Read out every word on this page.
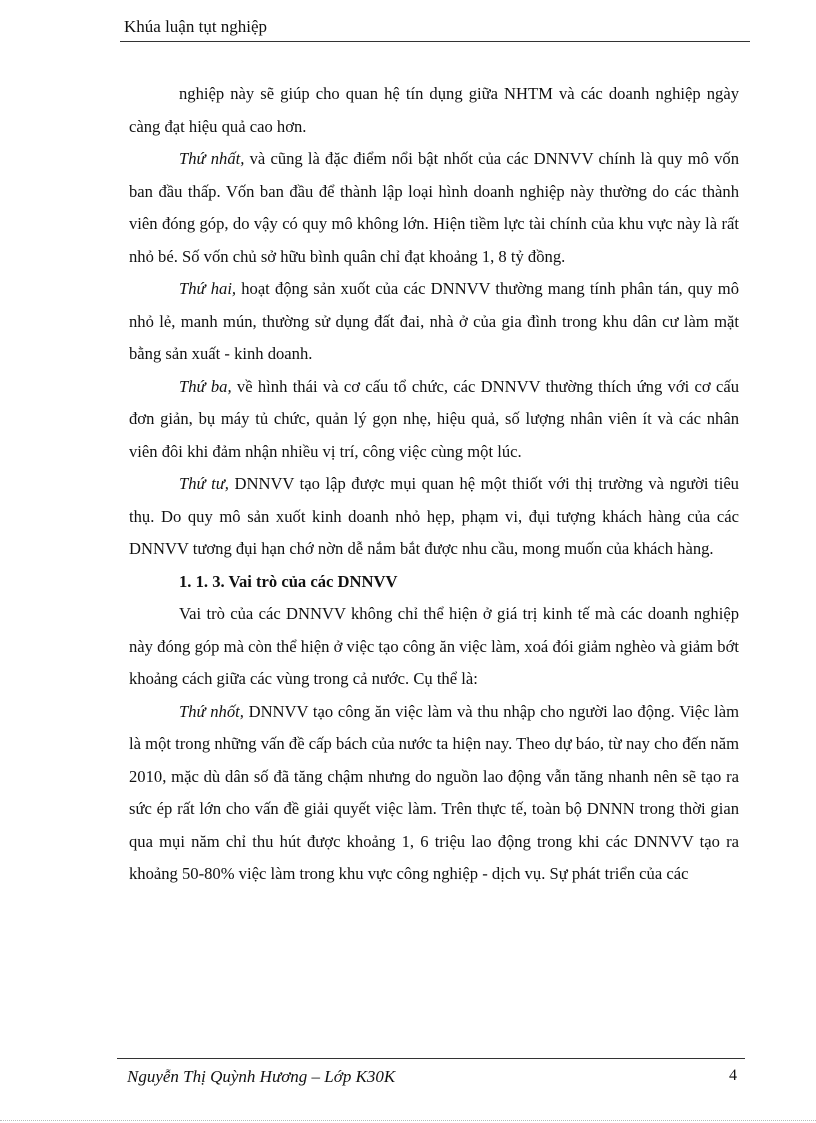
Khúa luận tụt nghiệp

nghiệp này sẽ giúp cho quan hệ tín dụng giữa NHTM và các doanh nghiệp ngày càng đạt hiệu quả cao hơn.

Thứ nhất, và cũng là đặc điểm nổi bật nhốt của các DNNVV chính là quy mô vốn ban đầu thấp. Vốn ban đầu để thành lập loại hình doanh nghiệp này thường do các thành viên đóng góp, do vậy có quy mô không lớn. Hiện tiềm lực tài chính của khu vực này là rất nhỏ bé. Số vốn chủ sở hữu bình quân chỉ đạt khoảng 1, 8 tỷ đồng.

Thứ hai, hoạt động sản xuốt của các DNNVV thường mang tính phân tán, quy mô nhỏ lẻ, manh mún, thường sử dụng đất đai, nhà ở của gia đình trong khu dân cư làm mặt bằng sản xuất - kinh doanh.

Thứ ba, về hình thái và cơ cấu tổ chức, các DNNVV thường thích ứng với cơ cấu đơn giản, bụ máy tủ chức, quản lý gọn nhẹ, hiệu quả, số lượng nhân viên ít và các nhân viên đôi khi đảm nhận nhiều vị trí, công việc cùng một lúc.

Thứ tư, DNNVV tạo lập được mụi quan hệ một thiốt với thị trường và người tiêu thụ. Do quy mô sản xuốt kinh doanh nhỏ hẹp, phạm vi, đụi tượng khách hàng của các DNNVV tương đụi hạn chớ nờn dễ nắm bắt được nhu cầu, mong muốn của khách hàng.

1. 1. 3. Vai trò của các DNNVV

Vai trò của các DNNVV không chỉ thể hiện ở giá trị kinh tế mà các doanh nghiệp này đóng góp mà còn thể hiện ở việc tạo công ăn việc làm, xoá đói giảm nghèo và giảm bớt khoảng cách giữa các vùng trong cả nước. Cụ thể là:

Thứ nhốt, DNNVV tạo công ăn việc làm và thu nhập cho người lao động. Việc làm là một trong những vấn đề cấp bách của nước ta hiện nay. Theo dự báo, từ nay cho đến năm 2010, mặc dù dân số đã tăng chậm nhưng do nguồn lao động vẫn tăng nhanh nên sẽ tạo ra sức ép rất lớn cho vấn đề giải quyết việc làm. Trên thực tế, toàn bộ DNNN trong thời gian qua mụi năm chỉ thu hút được khoảng 1, 6 triệu lao động trong khi các DNNVV tạo ra khoảng 50-80% việc làm trong khu vực công nghiệp - dịch vụ. Sự phát triển của các

Nguyễn Thị Quỳnh Hương – Lớp K30K	4
